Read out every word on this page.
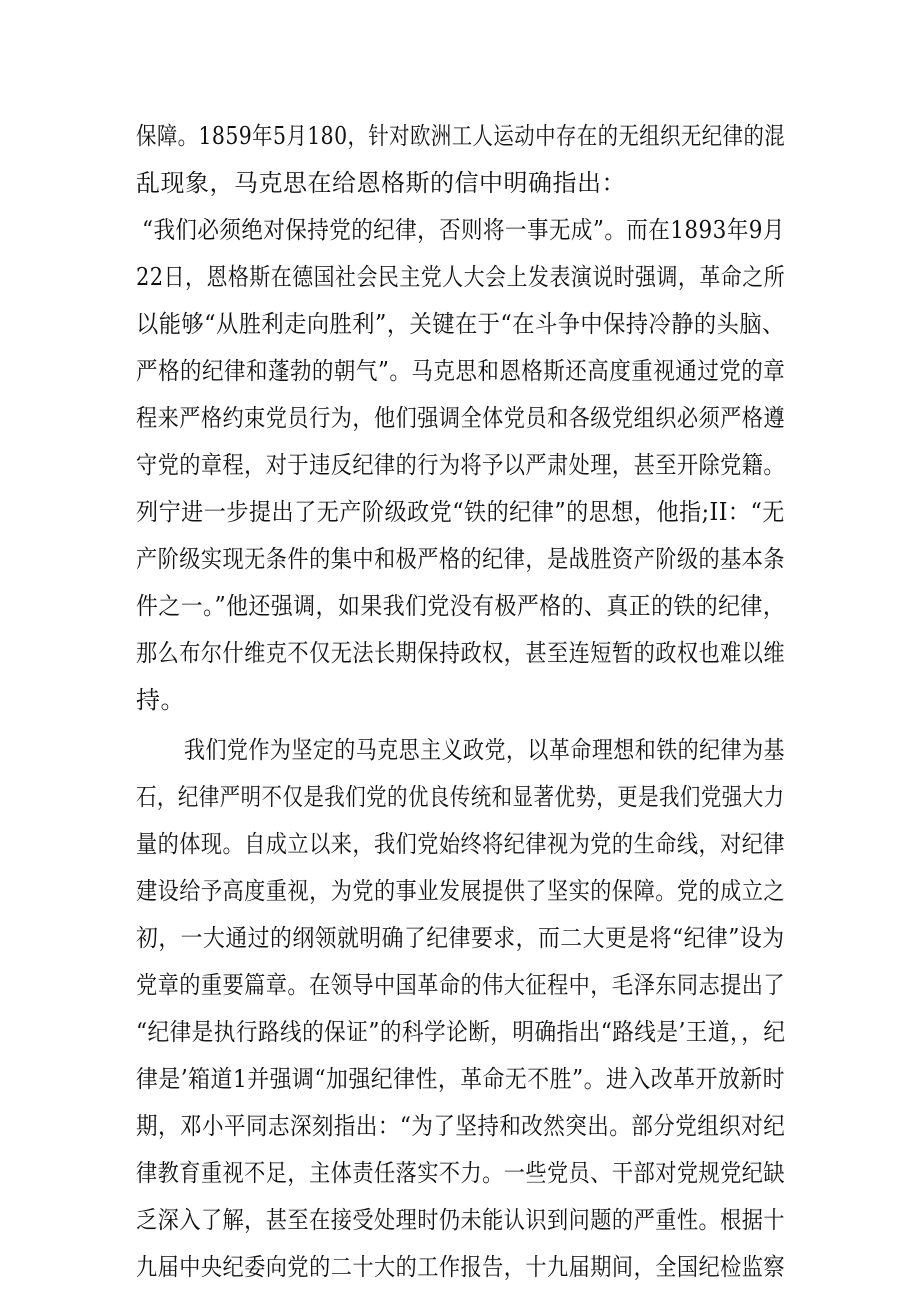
保障。1859年5月180，针对欧洲工人运动中存在的无组织无纪律的混
乱现象，马克思在给恩格斯的信中明确指出：
“我们必须绝对保持党的纪律，否则将一事无成”。而在1893年9月
22日，恩格斯在德国社会民主党人大会上发表演说时强调，革命之所
以能够“从胜利走向胜利”，关键在于“在斗争中保持冷静的头脑、
严格的纪律和蓬勃的朝气”。马克思和恩格斯还高度重视通过党的章
程来严格约束党员行为，他们强调全体党员和各级党组织必须严格遵
守党的章程，对于违反纪律的行为将予以严肃处理，甚至开除党籍。
列宁进一步提出了无产阶级政党“铁的纪律”的思想，他指;II：“无
产阶级实现无条件的集中和极严格的纪律，是战胜资产阶级的基本条
件之一。”他还强调，如果我们党没有极严格的、真正的铁的纪律，
那么布尔什维克不仅无法长期保持政权，甚至连短暂的政权也难以维
持。
我们党作为坚定的马克思主义政党，以革命理想和铁的纪律为基
石，纪律严明不仅是我们党的优良传统和显著优势，更是我们党强大力
量的体现。自成立以来，我们党始终将纪律视为党的生命线，对纪律
建设给予高度重视，为党的事业发展提供了坚实的保障。党的成立之
初，一大通过的纲领就明确了纪律要求，而二大更是将“纪律”设为
党章的重要篇章。在领导中国革命的伟大征程中，毛泽东同志提出了
“纪律是执行路线的保证”的科学论断，明确指出“路线是’王道，，纪
律是’箱道1并强调“加强纪律性，革命无不胜”。进入改革开放新时
期，邓小平同志深刻指出：“为了坚持和改然突出。部分党组织对纪
律教育重视不足，主体责任落实不力。一些党员、干部对党规党纪缺
乏深入了解，甚至在接受处理时仍未能认识到问题的严重性。根据十
九届中央纪委向党的二十大的工作报告，十九届期间，全国纪检监察
